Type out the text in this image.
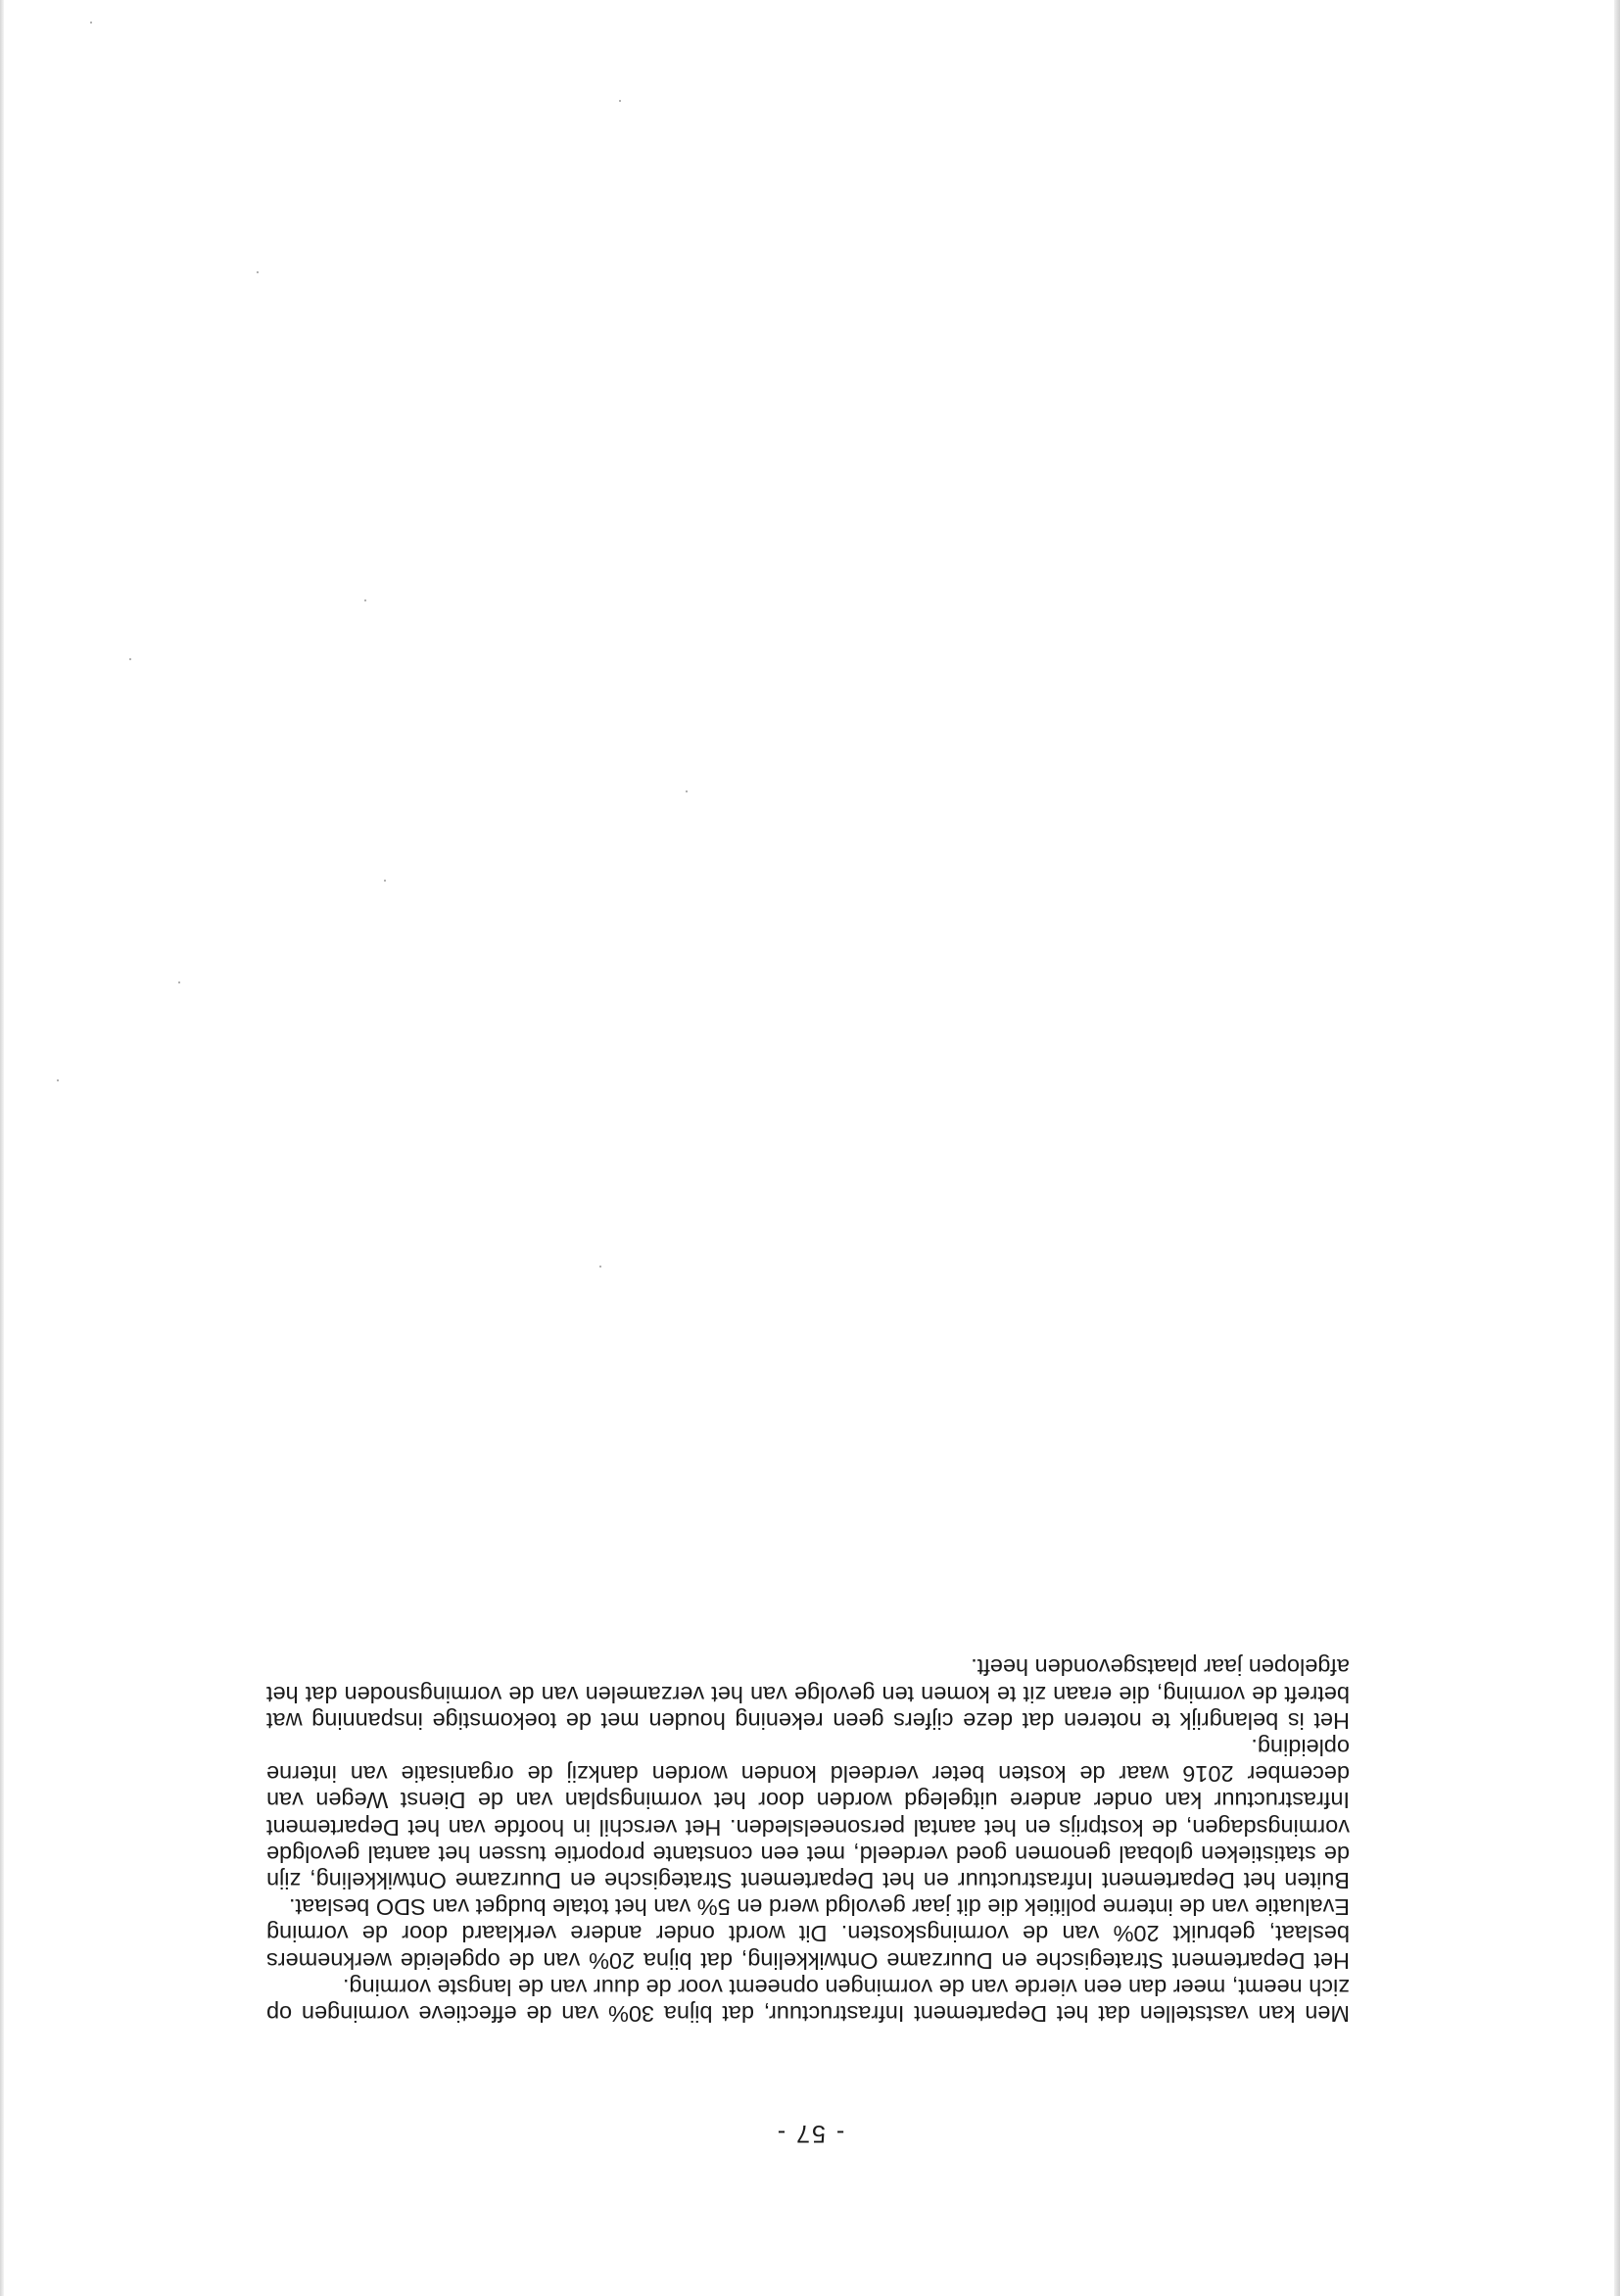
- 57 -

Men kan vaststellen dat het Departement Infrastructuur, dat bijna 30% van de effectieve vormingen op zich neemt, meer dan een vierde van de vormingen opneemt voor de duur van de langste vorming.

Het Departement Strategische en Duurzame Ontwikkeling, dat bijna 20% van de opgeleide werknemers beslaat, gebruikt 20% van de vormingskosten. Dit wordt onder andere verklaard door de vorming Evaluatie van de interne politiek die dit jaar gevolgd werd en 5% van het totale budget van SDO beslaat.

Buiten het Departement Infrastructuur en het Departement Strategische en Duurzame Ontwikkeling, zijn de statistieken globaal genomen goed verdeeld, met een constante proportie tussen het aantal gevolgde vormingsdagen, de kostprijs en het aantal personeelsleden. Het verschil in hoofde van het Departement Infrastructuur kan onder andere uitgelegd worden door het vormingsplan van de Dienst Wegen van december 2016 waar de kosten beter verdeeld konden worden dankzij de organisatie van interne opleiding.

Het is belangrijk te noteren dat deze cijfers geen rekening houden met de toekomstige inspanning wat betreft de vorming, die eraan zit te komen ten gevolge van het verzamelen van de vormingsnoden dat het afgelopen jaar plaatsgevonden heeft.
